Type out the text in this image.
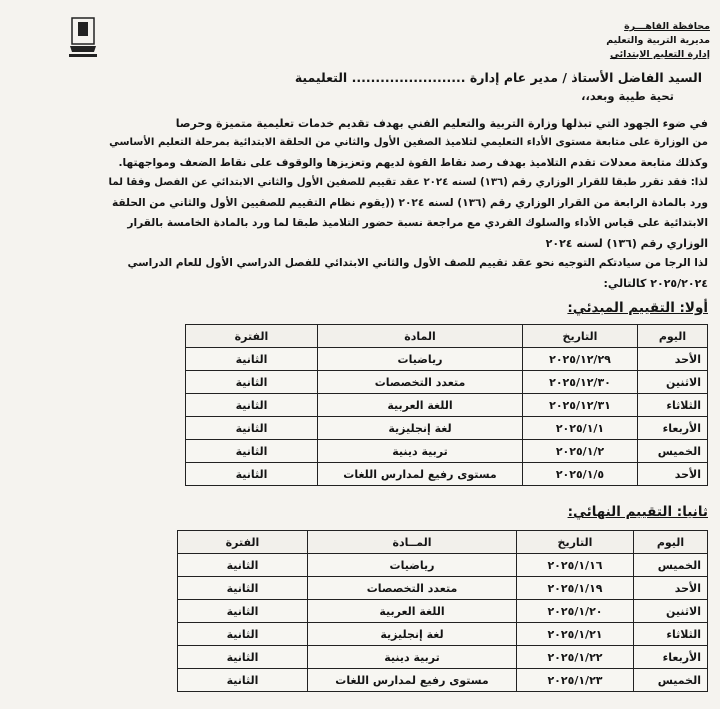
محافظة القاهـــرة
مديرية التربية والتعليم
إدارة التعليم الابتدائي
السيد الفاضل الأستاذ / مدير عام إدارة ........................ التعليمية
تحية طيبة وبعد،،
في ضوء الجهود التي تبذلها وزارة التربية والتعليم الفني بهدف تقديم خدمات تعليمية متميزة وحرصا
من الوزارة على متابعة مستوى الأداء التعليمي لتلاميذ الصفين الأول والثاني من الحلقة الابتدائية بمرحلة التعليم الأساسي
وكذلك متابعة معدلات تقدم التلاميذ بهدف رصد نقاط القوة لديهم وتعزيزها والوقوف على نقاط الضعف ومواجهتها.
لذا: فقد تقرر طبقا للقرار الوزاري رقم (١٣٦) لسنه ٢٠٢٤ عقد تقييم للصفين الأول والثاني الابتدائي عن الفصل وفقا لما
ورد بالمادة الرابعة من القرار الوزاري رقم (١٣٦) لسنه ٢٠٢٤ ((يقوم نظام التقييم للصفيين الأول والثاني من الحلقة
الابتدائية على قياس الأداء والسلوك الفردي مع مراجعة نسبة حضور التلاميذ طبقا لما ورد بالمادة الخامسة بالقرار
الوزاري رقم (١٣٦) لسنه ٢٠٢٤
لذا الرجا من سيادتكم التوجيه نحو عقد تقييم للصف الأول والثاني الابتدائي للفصل الدراسي الأول للعام الدراسي
٢٠٢٥/٢٠٢٤ كالتالي:
أولا: التقييم المبدئي:
اليوم	التاريخ	المادة	الفترة
الأحد	٢٠٢٥/١٢/٢٩	رياضيات	الثانية
الاثنين	٢٠٢٥/١٢/٣٠	متعدد التخصصات	الثانية
الثلاثاء	٢٠٢٥/١٢/٣١	اللغة العربية	الثانية
الأربعاء	٢٠٢٥/١/١	لغة إنجليزية	الثانية
الخميس	٢٠٢٥/١/٢	تربية دينية	الثانية
الأحد	٢٠٢٥/١/٥	مستوى رفيع لمدارس اللغات	الثانية
ثانيا: التقييم النهائي:
اليوم	التاريخ	المــادة	الفترة
الخميس	٢٠٢٥/١/١٦	رياضيات	الثانية
الأحد	٢٠٢٥/١/١٩	متعدد التخصصات	الثانية
الاثنين	٢٠٢٥/١/٢٠	اللغة العربية	الثانية
الثلاثاء	٢٠٢٥/١/٢١	لغة إنجليزية	الثانية
الأربعاء	٢٠٢٥/١/٢٢	تربية دينية	الثانية
الخميس	٢٠٢٥/١/٢٣	مستوى رفيع لمدارس اللغات	الثانية
